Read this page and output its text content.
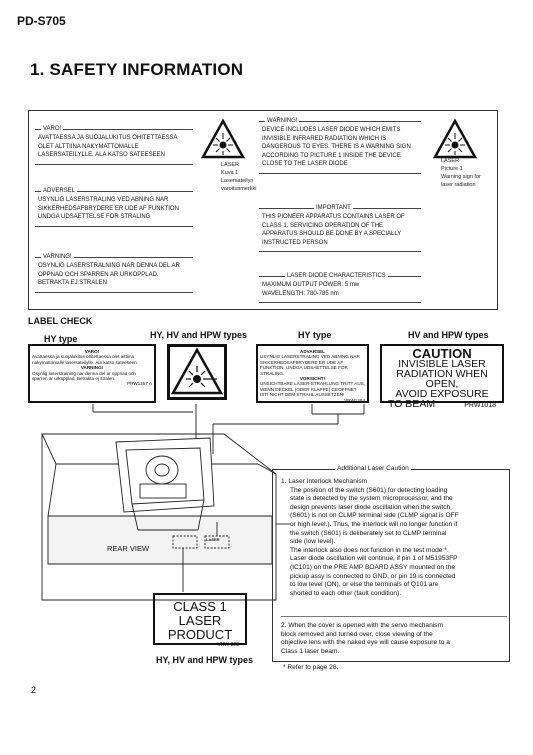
PD-S705
1. SAFETY INFORMATION
VARO!
AVATTAESSA JA SUOJALUKITUS OHITETTAESSA OLET ALTTIINA NAKYMATTOMALLE LASERSATEILYLLE. ALA KATSO SATEESEEN
ADVERSEL
USYNLIG LASERSTRALING VED ABNING NAR SIKKERHEDSAFBRYDERE ER UDE AF FUNKTION UNDGA UDSAETTELSE FOR STRALING
VARNING!
OSYNLIG LASERSTRALNING NAR DENNA DEL AR OPPNAD OCH SPARREN AR URKOPPLAD. BETRAKTA EJ STRALEN
LASER
Kuva 1
Lasersateilyn
varoitusmerkki
WARNING!
DEVICE INCLUDES LASER DIODE WHICH EMITS INVISIBLE INFRARED RADIATION WHICH IS DANGEROUS TO EYES. THERE IS A WARNING SIGN ACCORDING TO PICTURE 1 INSIDE THE DEVICE CLOSE TO THE LASER DIODE
IMPORTANT
THIS PIONEER APPARATUS CONTAINS LASER OF CLASS 1. SERVICING OPERATION OF THE APPARATUS SHOULD BE DONE BY A SPECIALLY INSTRUCTED PERSON
LASER DIODE CHARACTERISTICS
MAXIMUM OUTPUT POWER: 5 mw
WAVELENGTH: 780-785 nm
LASER
Picture 1
Warning sign for
laser radiation
LABEL CHECK
HY type	HY, HV and HPW types	HY type	HV and HPW types
VARO!
Avattaessa ja suojalukitus ohitettaessa olet alttiina nakymattomalle lasersateilylle. Ala katso sateeseen.
VARNING!
Osynlig laserstralning nar denna del ar oppnad och sparren ar urkopplad. Betrakta ej stralen.
PRW1257 A
ADVARSEL
USYNLIG LASERSTRALING VED ABNING NAR SIKKERHEDSAFBRYDERE ER UDE AF FUNKTION. UNDGA UDSAETTELSE FOR STRALING.
VORSICHT!
UNSICHTBARE LASER-STRAHLUNG TRITT AUS, WENN DECKEL (ODER KLAPPE) GEOFFNET IST! NICHT DEM STRAHL AUSSETZEN!
VRW1284
CAUTION
INVISIBLE LASER
RADIATION WHEN OPEN,
AVOID EXPOSURE
TO BEAM	PRW1018
REAR VIEW
LASER
CLASS 1
LASER PRODUCT
VRW-328
HY, HV and HPW types
Additional Laser Caution
1. Laser Interlock Mechanism
The position of the switch (S601) for detecting loading
state is detected by the system microprocessor, and the
design prevents laser diode oscillation when the switch
(S601) is not on CLMP terminal side (CLMP signal is OFF
or high level.). Thus, the interlock will no longer function if
the switch (S601) is deliberately set to CLMP terminal
side (low level).
The interlock also does not function in the test mode *.
Laser diode oscillation will continue, if pin 1 of M51953FP
(IC101) on the PRE AMP BOARD ASSY mounted on the
pickup assy is connected to GND, or pin 19 is connected
to low level (ON), or else the terminals of Q101 are
shorted to each other (fault condition).
2. When the cover is opened with the servo mechanism
block removed and turned over, close viewing of the
objective lens with the naked eye will cause exposure to a
Class 1 laser beam.
* Refer to page 26.
2
